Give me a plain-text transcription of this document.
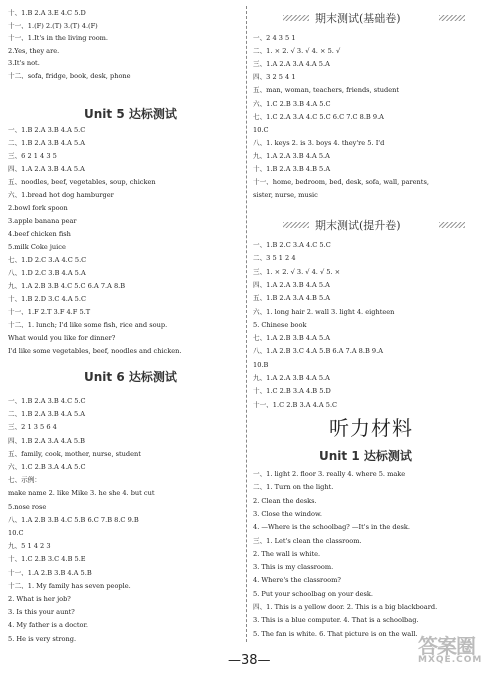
十、1.B 2.A 3.E 4.C 5.D
十一、1.(F) 2.(T) 3.(T) 4.(F)
十一、1.It's in the living room.
2.Yes, they are.
3.It's not.
十二、sofa, fridge, book, desk, phone
Unit 5 达标测试
一、1.B 2.A 3.B 4.A 5.C
二、1.B 2.A 3.B 4.A 5.A
三、6 2 1 4 3 5
四、1.A 2.A 3.B 4.A 5.A
五、noodles, beef, vegetables, soup, chicken
六、1.bread hot dog hamburger
2.bowl fork spoon
3.apple banana pear
4.beef chicken fish
5.milk Coke juice
七、1.D 2.C 3.A 4.C 5.C
八、1.D 2.C 3.B 4.A 5.A
九、1.A 2.B 3.B 4.C 5.C 6.A 7.A 8.B
十、1.B 2.D 3.C 4.A 5.C
十一、1.F 2.T 3.F 4.F 5.T
十二、1. lunch; I'd like some fish, rice and soup.
What would you like for dinner?
I'd like some vegetables, beef, noodles and chicken.
Unit 6 达标测试
一、1.B 2.A 3.B 4.C 5.C
二、1.B 2.A 3.B 4.A 5.A
三、2 1 3 5 6 4
四、1.B 2.A 3.A 4.A 5.B
五、family, cook, mother, nurse, student
六、1.C 2.B 3.A 4.A 5.C
七、示例：
make name 2. like Mike 3. he she 4. but cut
5.nose rose
八、1.A 2.B 3.B 4.C 5.B 6.C 7.B 8.C 9.B
10.C
九、5 1 4 2 3
十、1.C 2.B 3.C 4.B 5.E
十一、1.A 2.B 3.B 4.A 5.B
十二、1. My family has seven people.
2. What is her job?
3. Is this your aunt?
4. My father is a doctor.
5. He is very strong.
期末测试(基础卷)
一、2 4 3 5 1
二、1. × 2. √ 3. √ 4. × 5. √
三、1.A 2.A 3.A 4.A 5.A
四、3 2 5 4 1
五、man, woman, teachers, friends, student
六、1.C 2.B 3.B 4.A 5.C
七、1.C 2.A 3.A 4.C 5.C 6.C 7.C 8.B 9.A
10.C
八、1. keys 2. is 3. boys 4. they're 5. I'd
九、1.A 2.A 3.B 4.A 5.A
十、1.B 2.A 3.B 4.B 5.A
十一、home, bedroom, bed, desk, sofa, wall, parents,
sister, nurse, music
期末测试(提升卷)
一、1.B 2.C 3.A 4.C 5.C
二、3 5 1 2 4
三、1. × 2. √ 3. √ 4. √ 5. ×
四、1.A 2.A 3.B 4.A 5.A
五、1.B 2.A 3.A 4.B 5.A
六、1. long hair 2. wall 3. light 4. eighteen
5. Chinese book
七、1.A 2.B 3.B 4.A 5.A
八、1.A 2.B 3.C 4.A 5.B 6.A 7.A 8.B 9.A
10.B
九、1.A 2.A 3.B 4.A 5.A
十、1.C 2.B 3.A 4.B 5.D
十一、1.C 2.B 3.A 4.A 5.C
听力材料
Unit 1 达标测试
一、1. light 2. floor 3. really 4. where 5. make
二、1. Turn on the light.
2. Clean the desks.
3. Close the window.
4. —Where is the schoolbag? —It's in the desk.
三、1. Let's clean the classroom.
2. The wall is white.
3. This is my classroom.
4. Where's the classroom?
5. Put your schoolbag on your desk.
四、1. This is a yellow door. 2. This is a big blackboard.
3. This is a blue computer. 4. That is a schoolbag.
5. The fan is white. 6. That picture is on the wall.
—38—
答案圈
MXQE.COM
